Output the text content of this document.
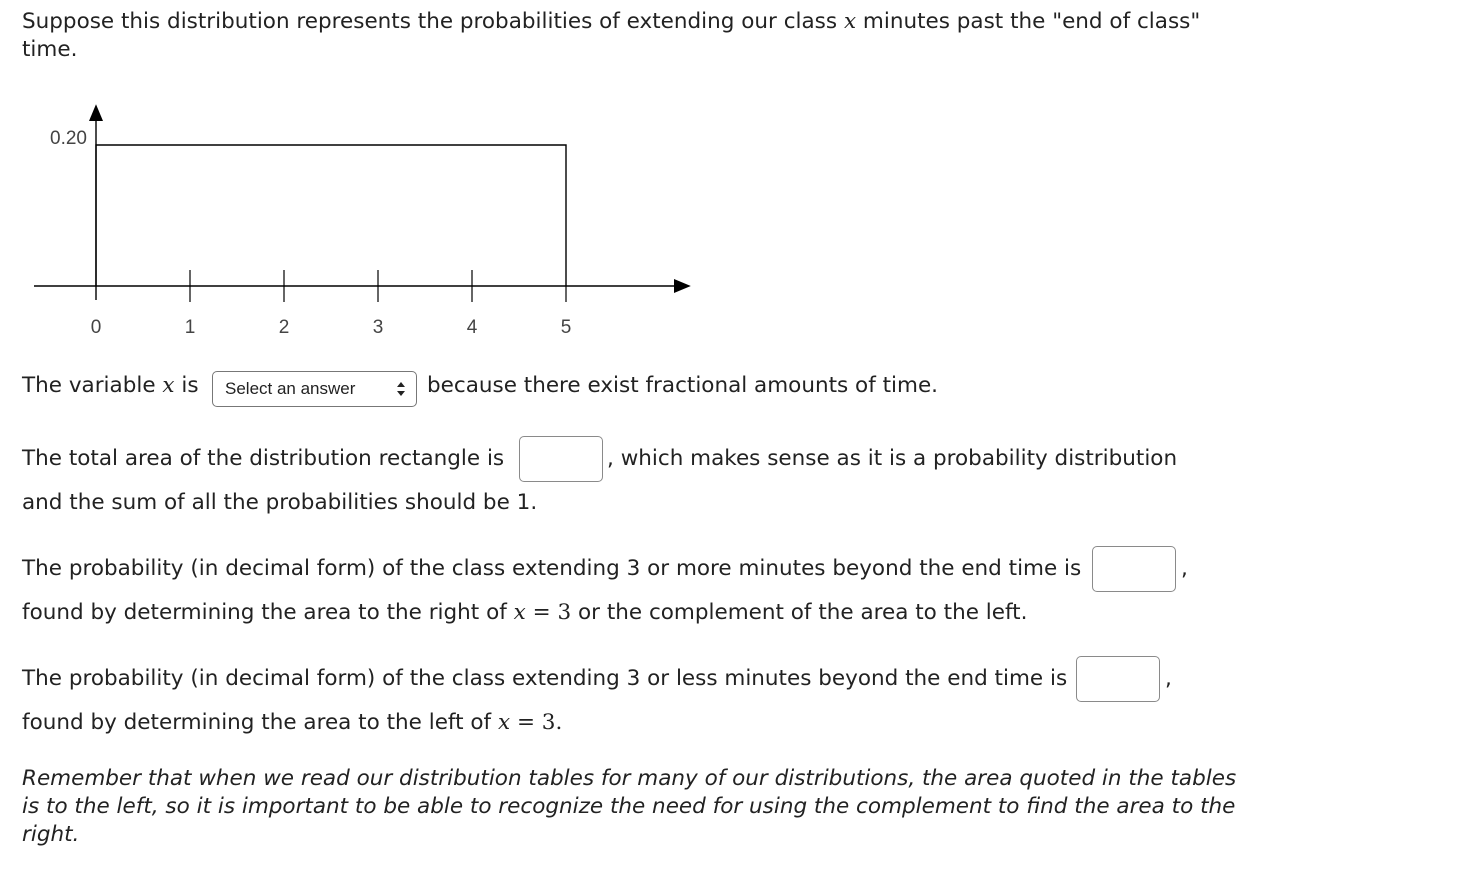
Suppose this distribution represents the probabilities of extending our class x minutes past the "end of class"
time.
0	1	2	3	4	5
0.20
The variable x is Select an answer	because there exist fractional amounts of time.
The total area of the distribution rectangle is	, which makes sense as it is a probability distribution
and the sum of all the probabilities should be 1.
The probability (in decimal form) of the class extending 3 or more minutes beyond the end time is	,
found by determining the area to the right of x = 3 or the complement of the area to the left.
The probability (in decimal form) of the class extending 3 or less minutes beyond the end time is	,
found by determining the area to the left of x = 3.
Remember that when we read our distribution tables for many of our distributions, the area quoted in the tables is to the left, so it is important to be able to recognize the need for using the complement to find the area to the right.
